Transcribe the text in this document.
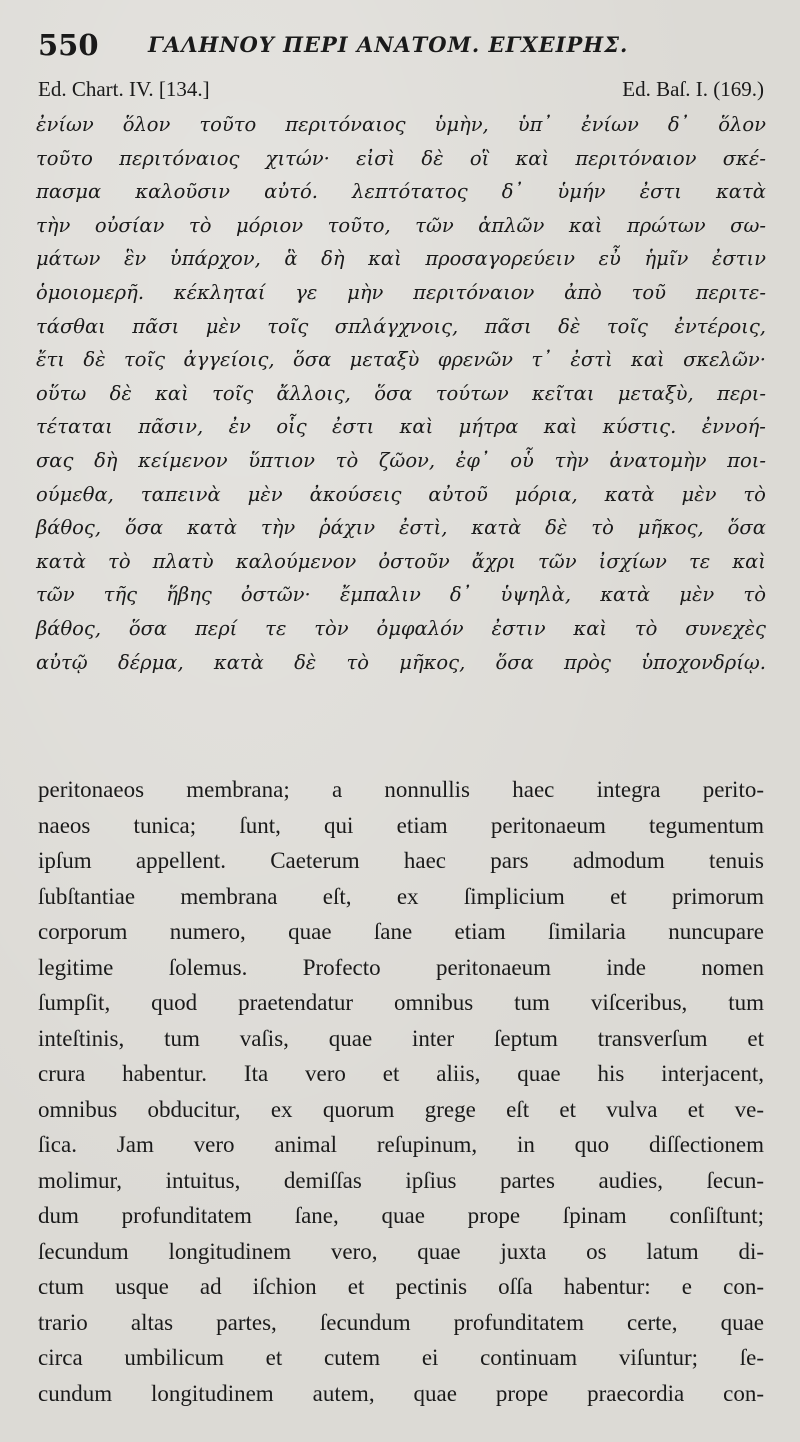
550 ΓΑΛΗΝΟΥ ΠΕΡΙ ΑΝΑΤΟΜ. ΕΓΧΕΙΡΗΣ.
Ed. Chart. IV. [134.]	Ed. Baſ. I. (169.)
ἐνίων ὅλον τοῦτο περιτόναιος ὑμὴν, ὑπ᾽ ἐνίων δ᾽ ὅλον
τοῦτο περιτόναιος χιτών· εἰσὶ δὲ οἳ καὶ περιτόναιον σκέ-
πασμα καλοῦσιν αὐτό. λεπτότατος δ᾽ ὑμήν ἐστι κατὰ
τὴν οὐσίαν τὸ μόριον τοῦτο, τῶν ἁπλῶν καὶ πρώτων σω-
μάτων ἓν ὑπάρχον, ἃ δὴ καὶ προσαγορεύειν εὖ ἡμῖν ἐστιν
ὁμοιομερῆ. κέκληταί γε μὴν περιτόναιον ἀπὸ τοῦ περιτε-
τάσθαι πᾶσι μὲν τοῖς σπλάγχνοις, πᾶσι δὲ τοῖς ἐντέροις,
ἔτι δὲ τοῖς ἀγγείοις, ὅσα μεταξὺ φρενῶν τ᾽ ἐστὶ καὶ σκελῶν·
οὕτω δὲ καὶ τοῖς ἄλλοις, ὅσα τούτων κεῖται μεταξὺ, περι-
τέταται πᾶσιν, ἐν οἷς ἐστι καὶ μήτρα καὶ κύστις. ἐννοή-
σας δὴ κείμενον ὕπτιον τὸ ζῶον, ἐφ᾽ οὗ τὴν ἀνατομὴν ποι-
ούμεθα, ταπεινὰ μὲν ἀκούσεις αὐτοῦ μόρια, κατὰ μὲν τὸ
βάθος, ὅσα κατὰ τὴν ῥάχιν ἐστὶ, κατὰ δὲ τὸ μῆκος, ὅσα
κατὰ τὸ πλατὺ καλούμενον ὀστοῦν ἄχρι τῶν ἰσχίων τε καὶ
τῶν τῆς ἥβης ὀστῶν· ἔμπαλιν δ᾽ ὑψηλὰ, κατὰ μὲν τὸ
βάθος, ὅσα περί τε τὸν ὀμφαλόν ἐστιν καὶ τὸ συνεχὲς
αὐτῷ δέρμα, κατὰ δὲ τὸ μῆκος, ὅσα πρὸς ὑποχονδρίῳ.
peritonaeos membrana; a nonnullis haec integra perito-
naeos tunica; ſunt, qui etiam peritonaeum tegumentum
ipſum appellent. Caeterum haec pars admodum tenuis
ſubſtantiae membrana eſt, ex ſimplicium et primorum
corporum numero, quae ſane etiam ſimilaria nuncupare
legitime ſolemus. Profecto peritonaeum inde nomen
ſumpſit, quod praetendatur omnibus tum viſceribus, tum
inteſtinis, tum vaſis, quae inter ſeptum transverſum et
crura habentur. Ita vero et aliis, quae his interjacent,
omnibus obducitur, ex quorum grege eſt et vulva et ve-
ſica. Jam vero animal reſupinum, in quo diſſectionem
molimur, intuitus, demiſſas ipſius partes audies, ſecun-
dum profunditatem ſane, quae prope ſpinam conſiſtunt;
ſecundum longitudinem vero, quae juxta os latum di-
ctum usque ad iſchion et pectinis oſſa habentur: e con-
trario altas partes, ſecundum profunditatem certe, quae
circa umbilicum et cutem ei continuam viſuntur; ſe-
cundum longitudinem autem, quae prope praecordia con-
